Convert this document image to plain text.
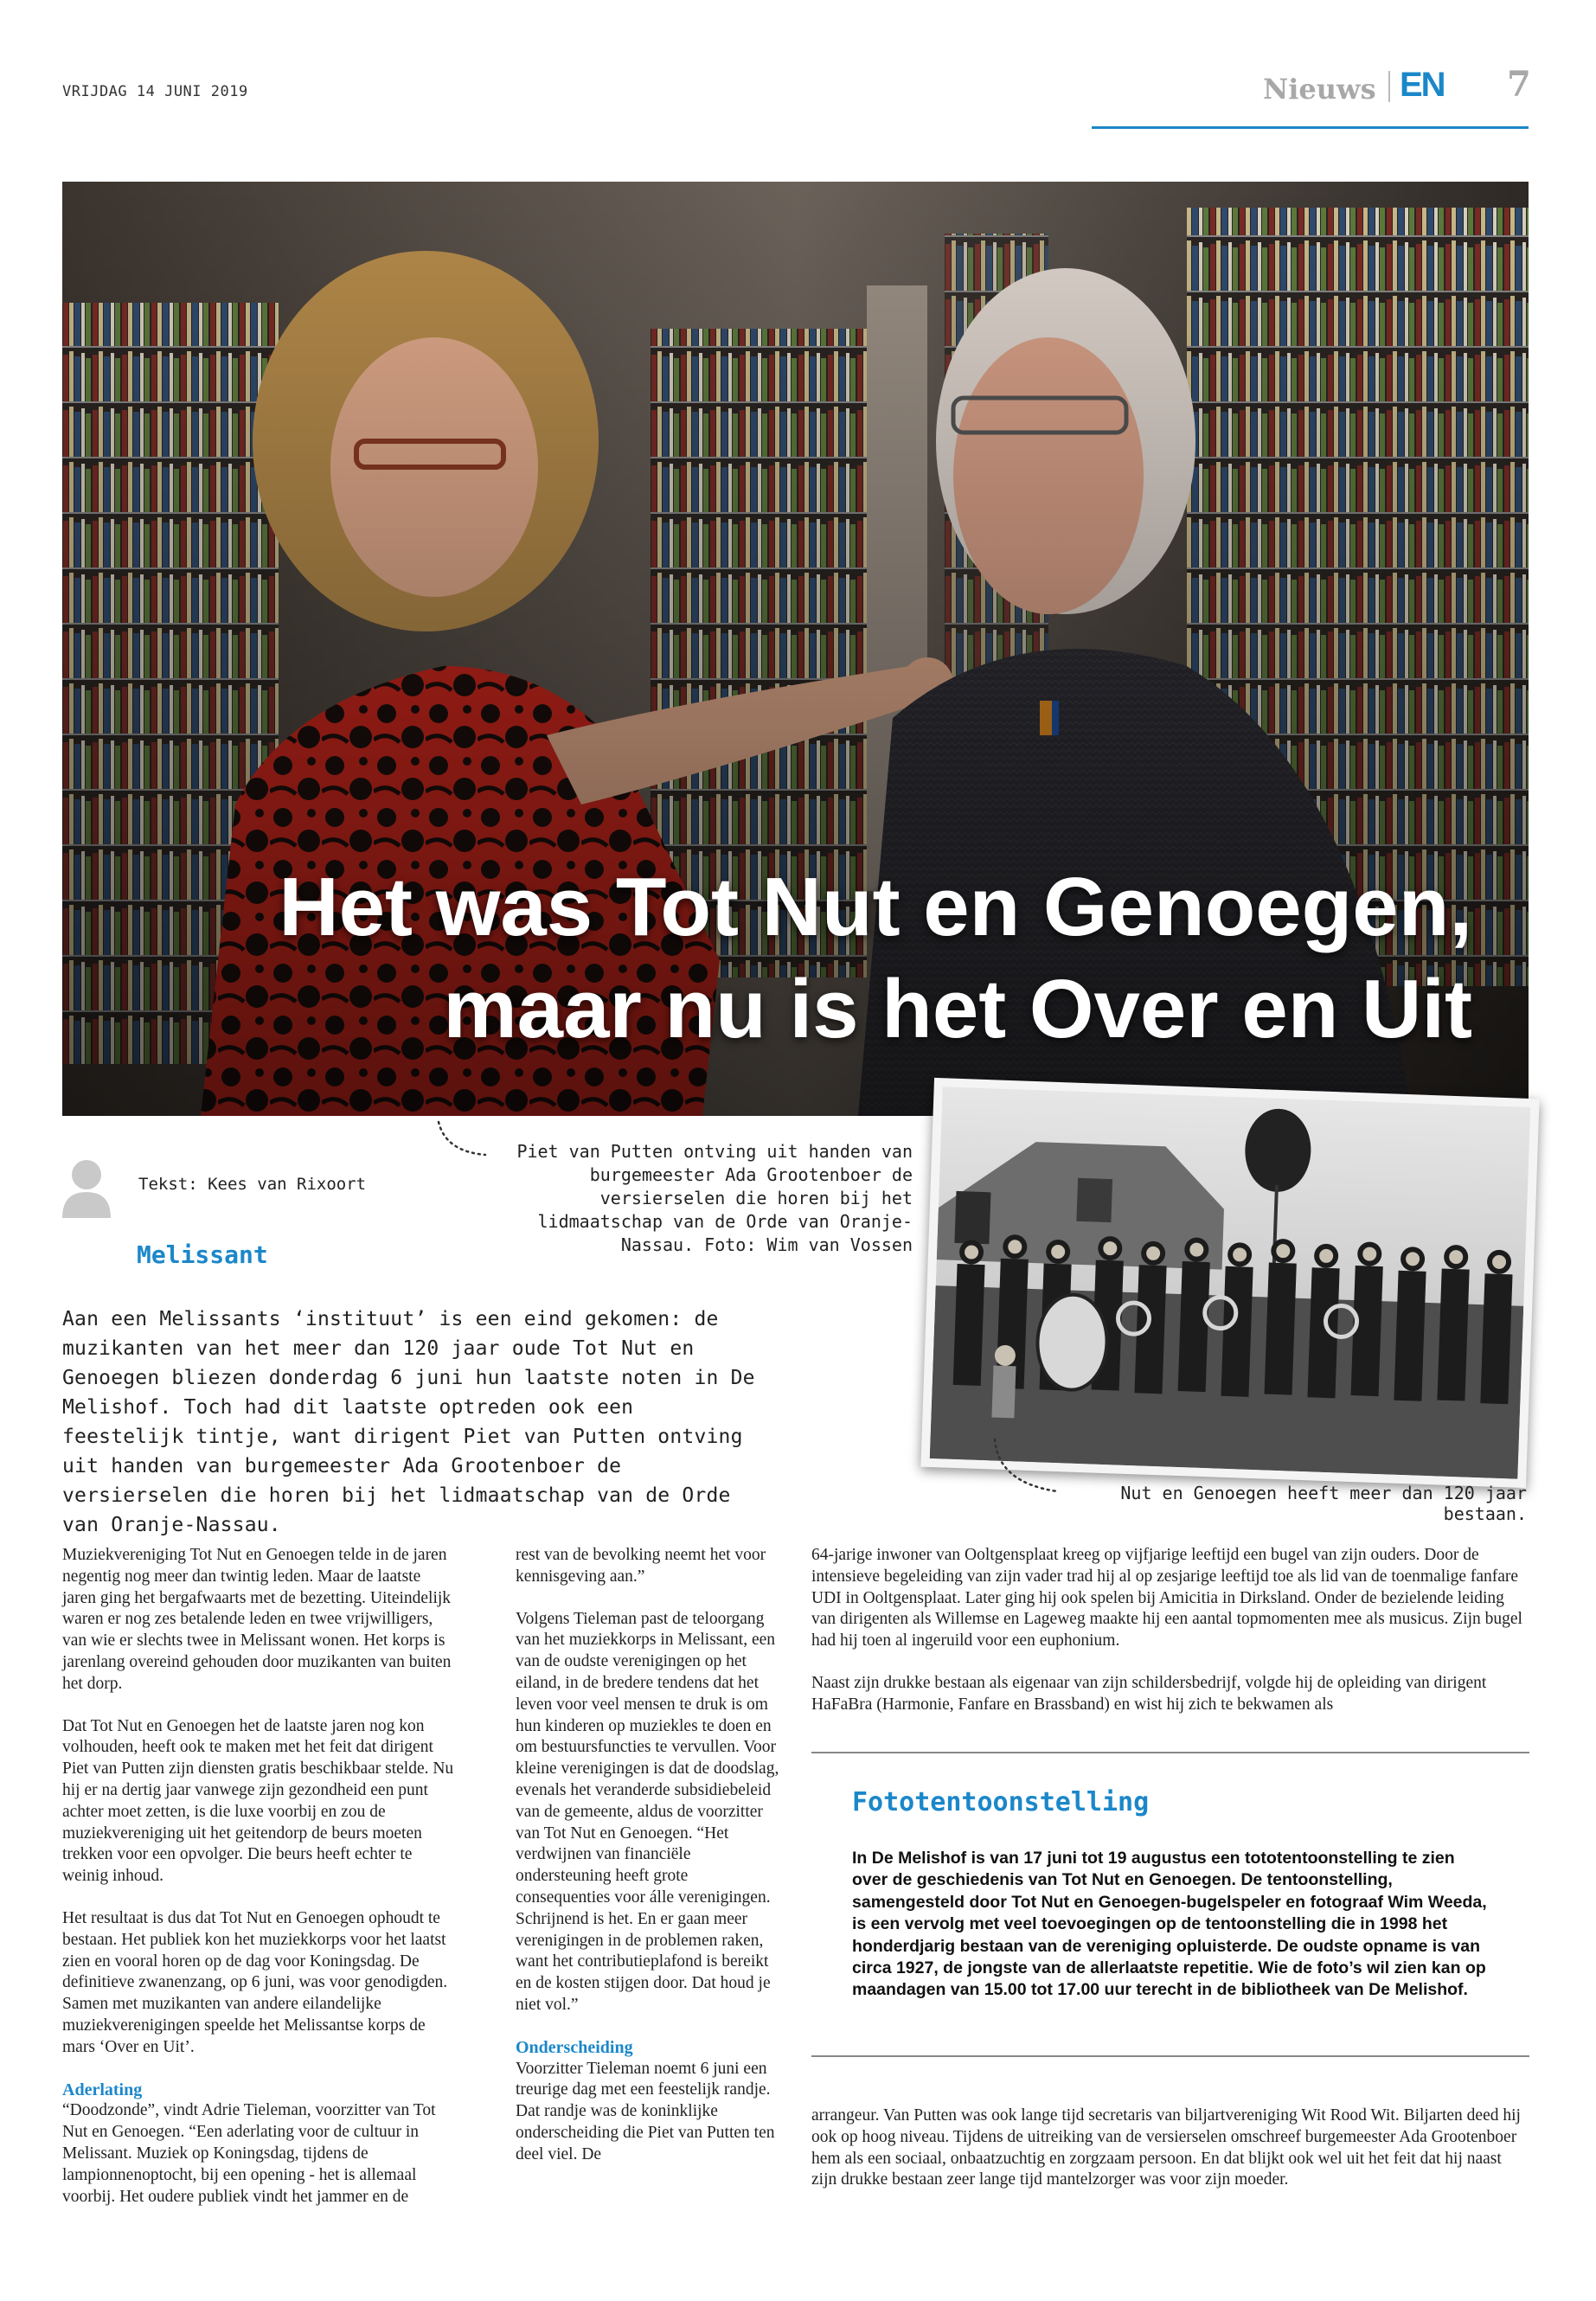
VRIJDAG 14 JUNI 2019	Nieuws EN 7
Het was Tot Nut en Genoegen,
maar nu is het Over en Uit
Tekst: Kees van Rixoort
Melissant
Piet van Putten ontving uit handen van burgemeester Ada Grootenboer de versierselen die horen bij het lidmaatschap van de Orde van Oranje-Nassau. Foto: Wim van Vossen
Nut en Genoegen heeft meer dan 120 jaar bestaan.
Aan een Melissants ‘instituut’ is een eind gekomen: de muzikanten van het meer dan 120 jaar oude Tot Nut en Genoegen bliezen donderdag 6 juni hun laatste noten in De Melishof. Toch had dit laatste optreden ook een feestelijk tintje, want dirigent Piet van Putten ontving uit handen van burgemeester Ada Grootenboer de versierselen die horen bij het lidmaatschap van de Orde van Oranje-Nassau.

Muziekvereniging Tot Nut en Genoegen telde in de jaren negentig nog meer dan twintig leden. Maar de laatste jaren ging het bergafwaarts met de bezetting. Uiteindelijk waren er nog zes betalende leden en twee vrijwilligers, van wie er slechts twee in Melissant wonen. Het korps is jarenlang overeind gehouden door muzikanten van buiten het dorp.

Dat Tot Nut en Genoegen het de laatste jaren nog kon volhouden, heeft ook te maken met het feit dat dirigent Piet van Putten zijn diensten gratis beschikbaar stelde. Nu hij er na dertig jaar vanwege zijn gezondheid een punt achter moet zetten, is die luxe voorbij en zou de muziekvereniging uit het geitendorp de beurs moeten trekken voor een opvolger. Die beurs heeft echter te weinig inhoud.

Het resultaat is dus dat Tot Nut en Genoegen ophoudt te bestaan. Het publiek kon het muziekkorps voor het laatst zien en vooral horen op de dag voor Koningsdag. De definitieve zwanenzang, op 6 juni, was voor genodigden. Samen met muzikanten van andere eilandelijke muziekverenigingen speelde het Melissantse korps de mars ‘Over en Uit’.

Aderlating

“Doodzonde”, vindt Adrie Tieleman, voorzitter van Tot Nut en Genoegen. “Een aderlating voor de cultuur in Melissant. Muziek op Koningsdag, tijdens de lampionnenoptocht, bij een opening - het is allemaal voorbij. Het oudere publiek vindt het jammer en de

rest van de bevolking neemt het voor kennisgeving aan.”

Volgens Tieleman past de teloorgang van het muziekkorps in Melissant, een van de oudste verenigingen op het eiland, in de bredere tendens dat het leven voor veel mensen te druk is om hun kinderen op muziekles te doen en om bestuursfuncties te vervullen. Voor kleine verenigingen is dat de doodslag, evenals het veranderde subsidiebeleid van de gemeente, aldus de voorzitter van Tot Nut en Genoegen. “Het verdwijnen van financiële ondersteuning heeft grote consequenties voor álle verenigingen. Schrijnend is het. En er gaan meer verenigingen in de problemen raken, want het contributieplafond is bereikt en de kosten stijgen door. Dat houd je niet vol.”

Onderscheiding

Voorzitter Tieleman noemt 6 juni een treurige dag met een feestelijk randje. Dat randje was de koninklijke onderscheiding die Piet van Putten ten deel viel. De

64-jarige inwoner van Ooltgensplaat kreeg op vijfjarige leeftijd een bugel van zijn ouders. Door de intensieve begeleiding van zijn vader trad hij al op zesjarige leeftijd toe als lid van de toenmalige fanfare UDI in Ooltgensplaat. Later ging hij ook spelen bij Amicitia in Dirksland. Onder de bezielende leiding van dirigenten als Willemse en Lageweg maakte hij een aantal topmomenten mee als musicus. Zijn bugel had hij toen al ingeruild voor een euphonium.

Naast zijn drukke bestaan als eigenaar van zijn schildersbedrijf, volgde hij de opleiding van dirigent HaFaBra (Harmonie, Fanfare en Brassband) en wist hij zich te bekwamen als

Fototentoonstelling
In De Melishof is van 17 juni tot 19 augustus een tototentoonstelling te zien over de geschiedenis van Tot Nut en Genoegen. De tentoonstelling, samengesteld door Tot Nut en Genoegen-bugelspeler en fotograaf Wim Weeda, is een vervolg met veel toevoegingen op de tentoonstelling die in 1998 het honderdjarig bestaan van de vereniging opluisterde. De oudste opname is van circa 1927, de jongste van de allerlaatste repetitie. Wie de foto’s wil zien kan op maandagen van 15.00 tot 17.00 uur terecht in de bibliotheek van De Melishof.

arrangeur. Van Putten was ook lange tijd secretaris van biljartvereniging Wit Rood Wit. Biljarten deed hij ook op hoog niveau. Tijdens de uitreiking van de versierselen omschreef burgemeester Ada Grootenboer hem als een sociaal, onbaatzuchtig en zorgzaam persoon. En dat blijkt ook wel uit het feit dat hij naast zijn drukke bestaan zeer lange tijd mantelzorger was voor zijn moeder.
